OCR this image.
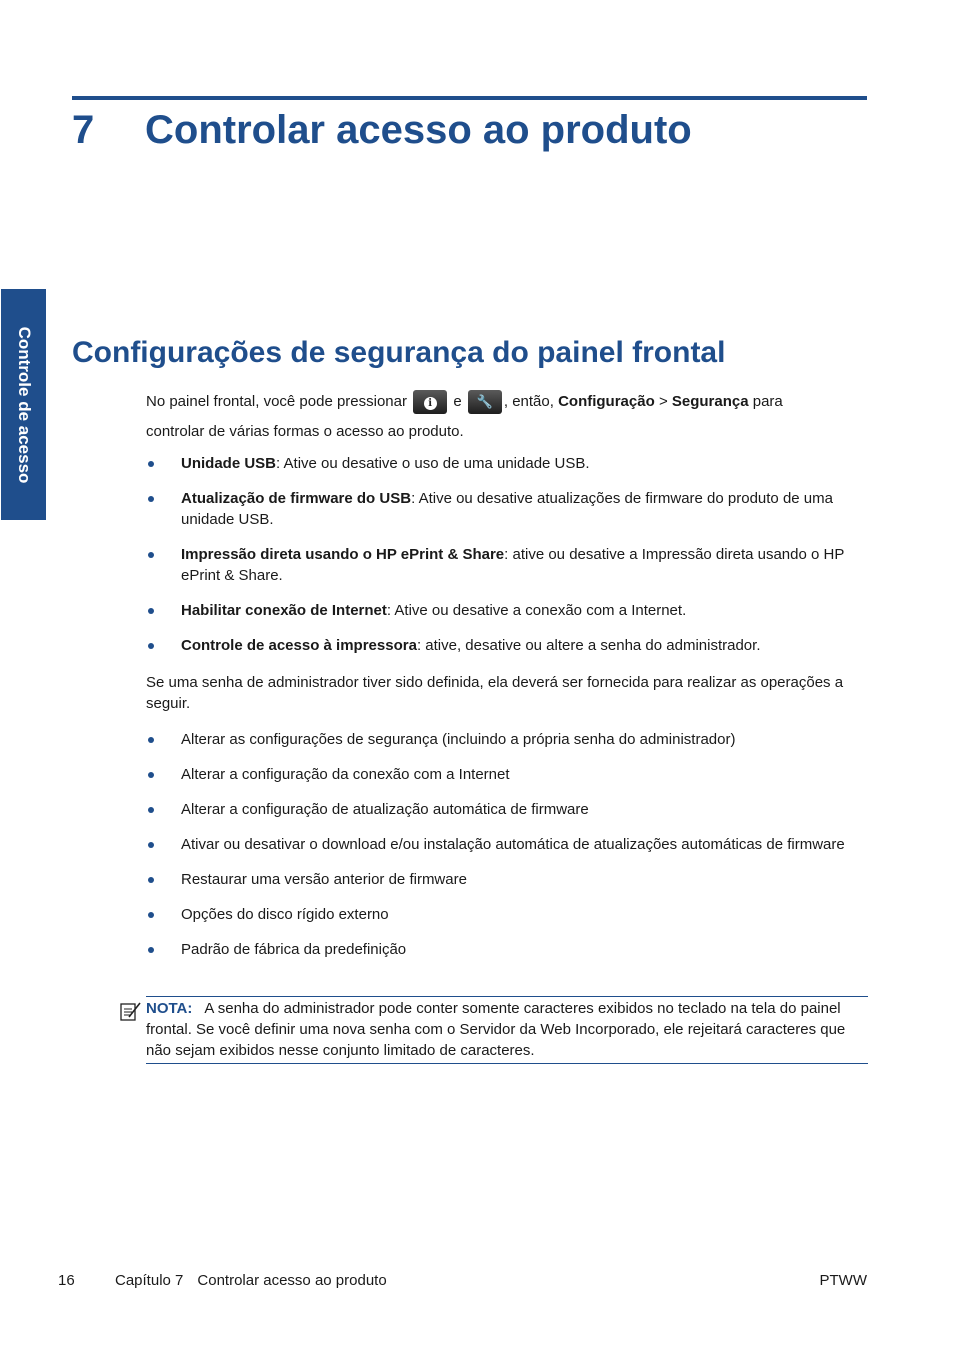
7 Controlar acesso ao produto
Controle de acesso Configurações de segurança do painel frontal
No painel frontal, você pode pressionar i e 🔧 , então, Configuração > Segurança para
controlar de várias formas o acesso ao produto.
Unidade USB: Ative ou desative o uso de uma unidade USB.
Atualização de firmware do USB: Ative ou desative atualizações de firmware do produto de uma unidade USB.
Impressão direta usando o HP ePrint & Share: ative ou desative a Impressão direta usando o HP ePrint & Share.
Habilitar conexão de Internet: Ative ou desative a conexão com a Internet.
Controle de acesso à impressora: ative, desative ou altere a senha do administrador.
Se uma senha de administrador tiver sido definida, ela deverá ser fornecida para realizar as operações a seguir.
Alterar as configurações de segurança (incluindo a própria senha do administrador)
Alterar a configuração da conexão com a Internet
Alterar a configuração de atualização automática de firmware
Ativar ou desativar o download e/ou instalação automática de atualizações automáticas de firmware
Restaurar uma versão anterior de firmware
Opções do disco rígido externo
Padrão de fábrica da predefinição
NOTA: A senha do administrador pode conter somente caracteres exibidos no teclado na tela do painel frontal. Se você definir uma nova senha com o Servidor da Web Incorporado, ele rejeitará caracteres que não sejam exibidos nesse conjunto limitado de caracteres.
16	Capítulo 7 Controlar acesso ao produto	PTWW
